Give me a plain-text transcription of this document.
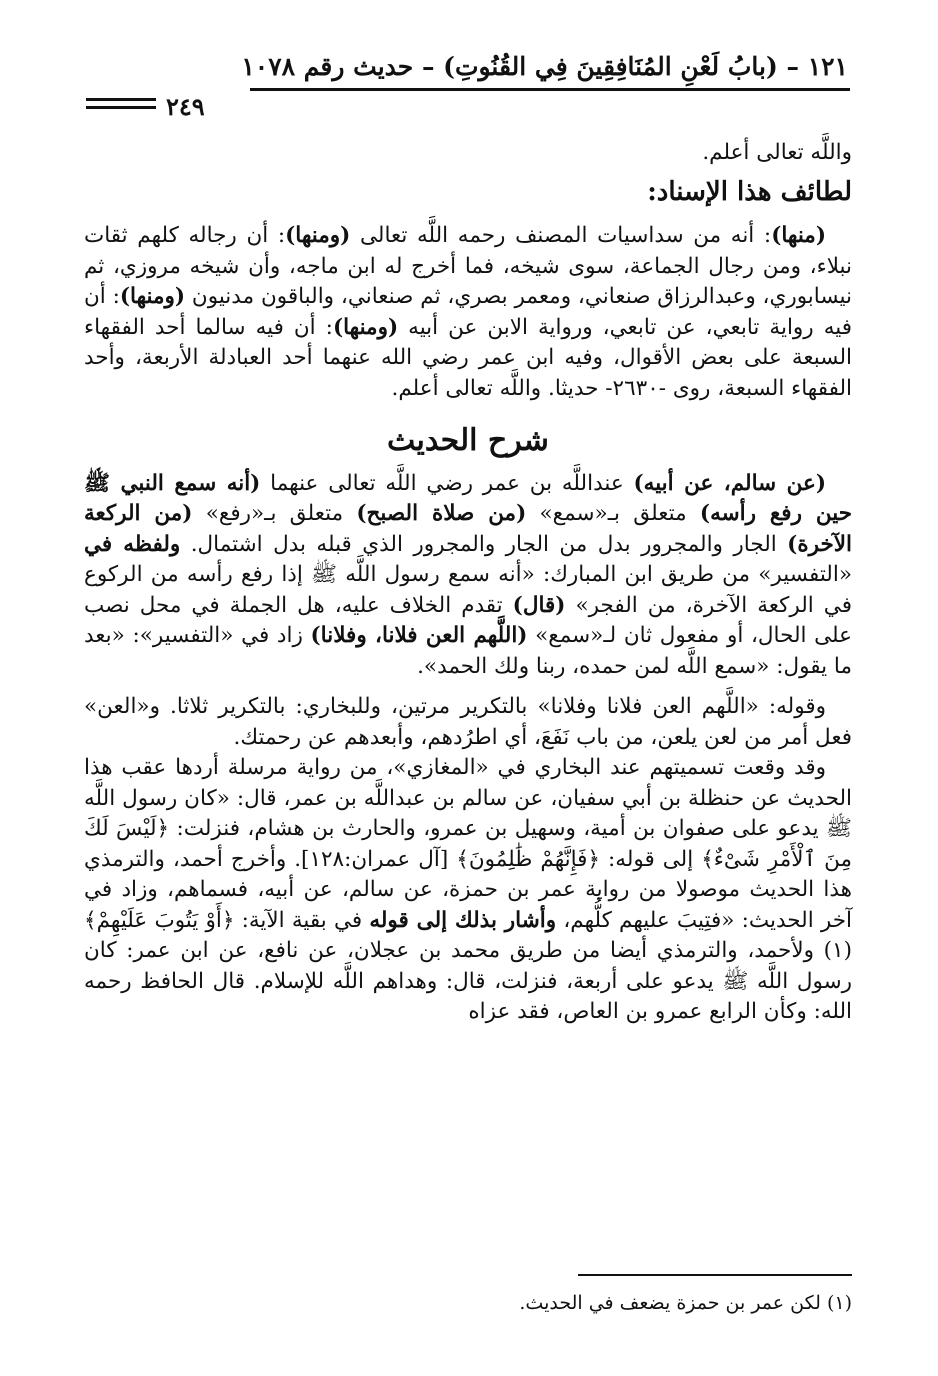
١٢١ – (بابُ لَعْنِ المُنَافِقِينَ فِي القُنُوتِ) – حديث رقم ١٠٧٨
٢٤٩

واللَّه تعالى أعلم.

لطائف هذا الإسناد:

(منها): أنه من سداسيات المصنف رحمه اللَّه تعالى (ومنها): أن رجاله كلهم ثقات نبلاء، ومن رجال الجماعة، سوى شيخه، فما أخرج له ابن ماجه، وأن شيخه مروزي، ثم نيسابوري، وعبدالرزاق صنعاني، ومعمر بصري، ثم صنعاني، والباقون مدنيون (ومنها): أن فيه رواية تابعي، عن تابعي، ورواية الابن عن أبيه (ومنها): أن فيه سالما أحد الفقهاء السبعة على بعض الأقوال، وفيه ابن عمر رضي الله عنهما أحد العبادلة الأربعة، وأحد الفقهاء السبعة، روى -٢٦٣٠- حديثا. واللَّه تعالى أعلم.

شرح الحديث

(عن سالم، عن أبيه) عنداللَّه بن عمر رضي اللَّه تعالى عنهما (أنه سمع النبي ﷺ حين رفع رأسه) متعلق بـ«سمع» (من صلاة الصبح) متعلق بـ«رفع» (من الركعة الآخرة) الجار والمجرور بدل من الجار والمجرور الذي قبله بدل اشتمال. ولفظه في «التفسير» من طريق ابن المبارك: «أنه سمع رسول اللَّه ﷺ إذا رفع رأسه من الركوع في الركعة الآخرة، من الفجر» (قال) تقدم الخلاف عليه، هل الجملة في محل نصب على الحال، أو مفعول ثان لـ«سمع» (اللَّهم العن فلانا، وفلانا) زاد في «التفسير»: «بعد ما يقول: «سمع اللَّه لمن حمده، ربنا ولك الحمد».

وقوله: «اللَّهم العن فلانا وفلانا» بالتكرير مرتين، وللبخاري: بالتكرير ثلاثا. و«العن» فعل أمر من لعن يلعن، من باب نَفَعَ، أي اطرُدهم، وأبعدهم عن رحمتك.

وقد وقعت تسميتهم عند البخاري في «المغازي»، من رواية مرسلة أردها عقب هذا الحديث عن حنظلة بن أبي سفيان، عن سالم بن عبداللَّه بن عمر، قال: «كان رسول اللَّه ﷺ يدعو على صفوان بن أمية، وسهيل بن عمرو، والحارث بن هشام، فنزلت: ﴿لَيْسَ لَكَ مِنَ ٱلْأَمْرِ شَىْءٌ﴾ إلى قوله: ﴿فَإِنَّهُمْ ظَٰلِمُونَ﴾ [آل عمران:١٢٨]. وأخرج أحمد، والترمذي هذا الحديث موصولا من رواية عمر بن حمزة، عن سالم، عن أبيه، فسماهم، وزاد في آخر الحديث: «فتِيبَ عليهم كلُّهم، وأشار بذلك إلى قوله في بقية الآية: ﴿أَوْ يَتُوبَ عَلَيْهِمْ﴾(١) ولأحمد، والترمذي أيضا من طريق محمد بن عجلان، عن نافع، عن ابن عمر: كان رسول اللَّه ﷺ يدعو على أربعة، فنزلت، قال: وهداهم اللَّه للإسلام. قال الحافظ رحمه الله: وكأن الرابع عمرو بن العاص، فقد عزاه

(١) لكن عمر بن حمزة يضعف في الحديث.
